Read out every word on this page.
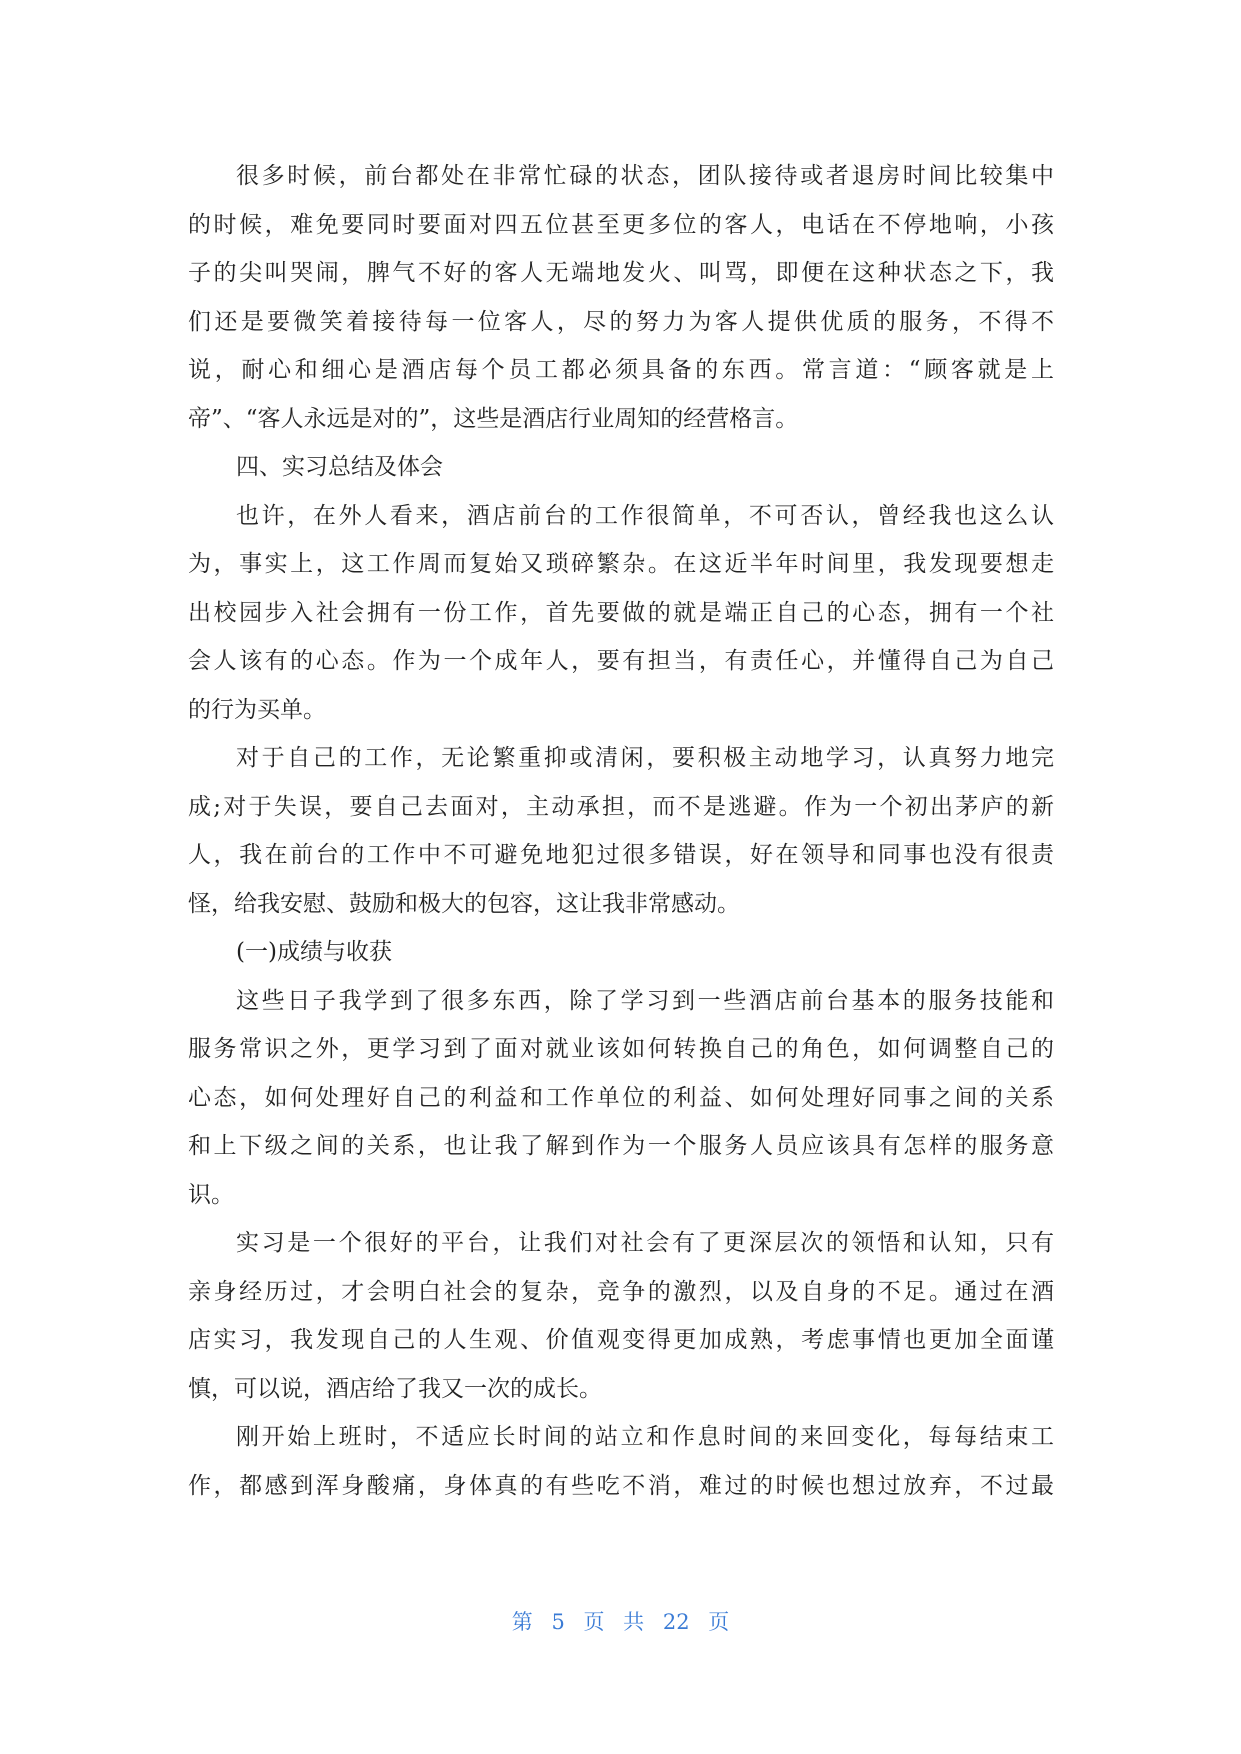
很多时候，前台都处在非常忙碌的状态，团队接待或者退房时间比较集中
的时候，难免要同时要面对四五位甚至更多位的客人，电话在不停地响，小孩
子的尖叫哭闹，脾气不好的客人无端地发火、叫骂，即便在这种状态之下，我
们还是要微笑着接待每一位客人，尽的努力为客人提供优质的服务，不得不
说，耐心和细心是酒店每个员工都必须具备的东西。常言道：“顾客就是上
帝”、“客人永远是对的”，这些是酒店行业周知的经营格言。
四、实习总结及体会
也许，在外人看来，酒店前台的工作很简单，不可否认，曾经我也这么认
为，事实上，这工作周而复始又琐碎繁杂。在这近半年时间里，我发现要想走
出校园步入社会拥有一份工作，首先要做的就是端正自己的心态，拥有一个社
会人该有的心态。作为一个成年人，要有担当，有责任心，并懂得自己为自己
的行为买单。
对于自己的工作，无论繁重抑或清闲，要积极主动地学习，认真努力地完
成;对于失误，要自己去面对，主动承担，而不是逃避。作为一个初出茅庐的新
人，我在前台的工作中不可避免地犯过很多错误，好在领导和同事也没有很责
怪，给我安慰、鼓励和极大的包容，这让我非常感动。
(一)成绩与收获
这些日子我学到了很多东西，除了学习到一些酒店前台基本的服务技能和
服务常识之外，更学习到了面对就业该如何转换自己的角色，如何调整自己的
心态，如何处理好自己的利益和工作单位的利益、如何处理好同事之间的关系
和上下级之间的关系，也让我了解到作为一个服务人员应该具有怎样的服务意
识。
实习是一个很好的平台，让我们对社会有了更深层次的领悟和认知，只有
亲身经历过，才会明白社会的复杂，竞争的激烈，以及自身的不足。通过在酒
店实习，我发现自己的人生观、价值观变得更加成熟，考虑事情也更加全面谨
慎，可以说，酒店给了我又一次的成长。
刚开始上班时，不适应长时间的站立和作息时间的来回变化，每每结束工
作，都感到浑身酸痛，身体真的有些吃不消，难过的时候也想过放弃，不过最
第 5 页 共 22 页
